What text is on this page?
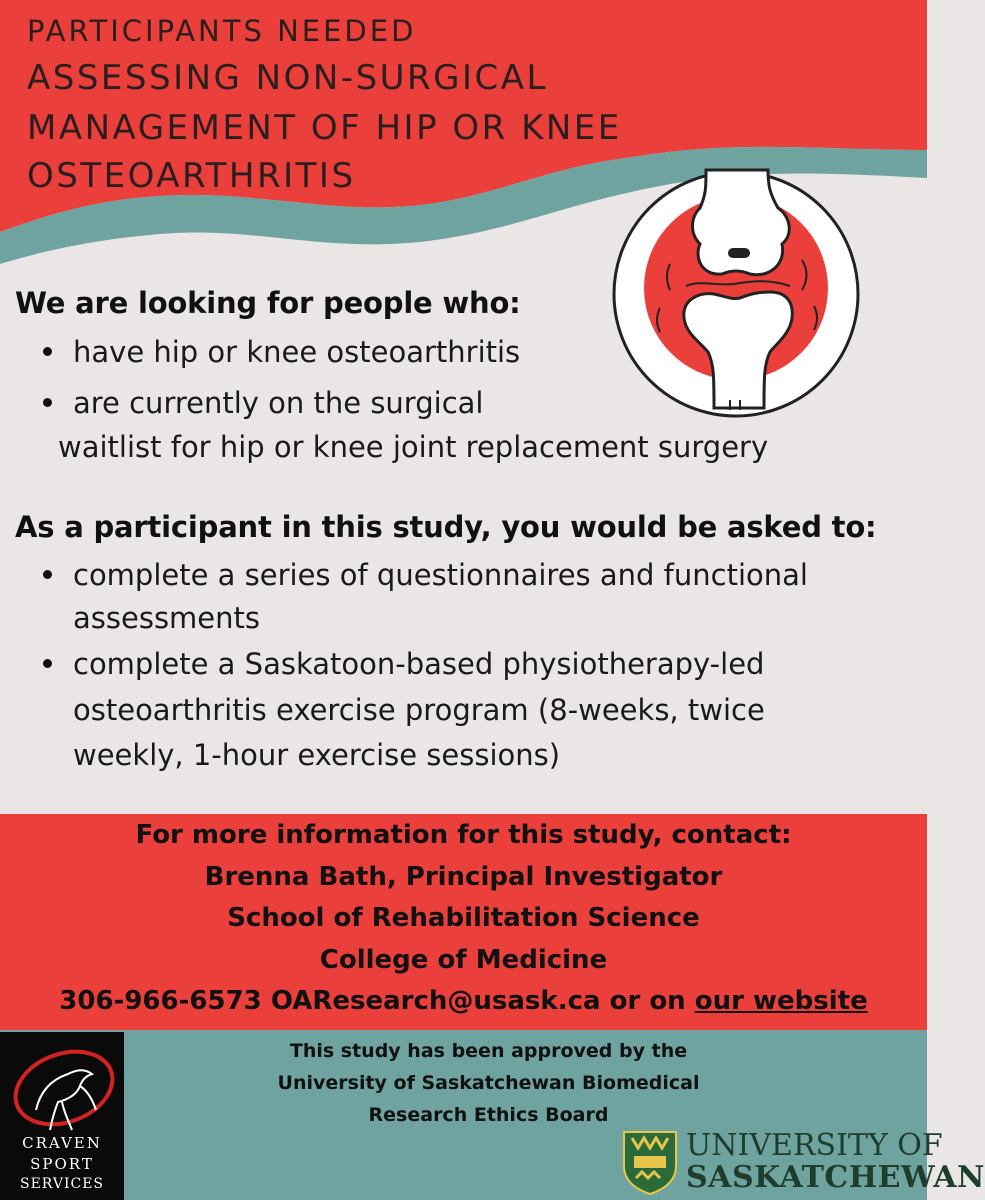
PARTICIPANTS NEEDED
ASSESSING NON-SURGICAL
MANAGEMENT OF HIP OR KNEE
OSTEOARTHRITIS
We are looking for people who:
have hip or knee osteoarthritis
are currently on the surgical
waitlist for hip or knee joint replacement surgery
As a participant in this study, you would be asked to:
complete a series of questionnaires and functional
assessments
complete a Saskatoon-based physiotherapy-led
osteoarthritis exercise program (8-weeks, twice
weekly, 1-hour exercise sessions)
For more information for this study, contact:
Brenna Bath, Principal Investigator
School of Rehabilitation Science
College of Medicine
306-966-6573 OAResearch@usask.ca or on our website
This study has been approved by the
University of Saskatchewan Biomedical
Research Ethics Board
CRAVEN
SPORT
SERVICES
UNIVERSITY OF
SASKATCHEWAN
